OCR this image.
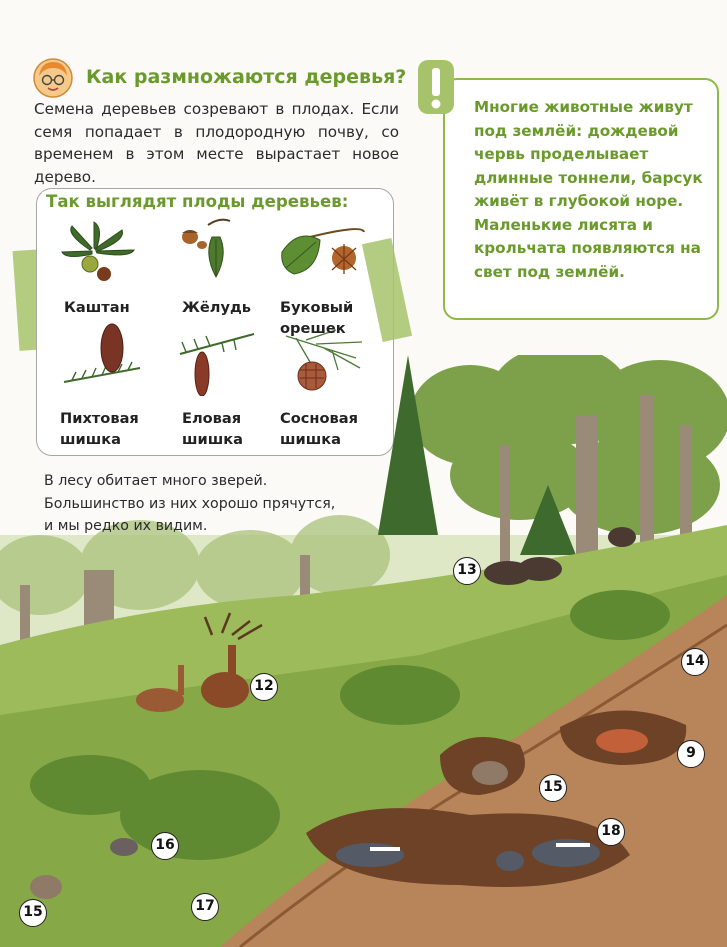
Как размножаются деревья?
Семена деревьев созревают в плодах. Если семя попадает в плодородную почву, со временем в этом месте вырастает новое дерево.
Так выглядят плоды деревьев:
Каштан	Жёлудь Буковый
орешек
Пихтовая
шишка
Еловая
шишка
Сосновая
шишка
Многие животные живут под землёй: дождевой червь проделывает длинные тоннели, барсук живёт в глубокой норе. Маленькие лисята и крольчата появляются на свет под землёй.
13
12
14
9
15
18
16
17
15
В лесу обитает много зверей. Большинство из них хорошо прячутся, и мы редко их видим.
